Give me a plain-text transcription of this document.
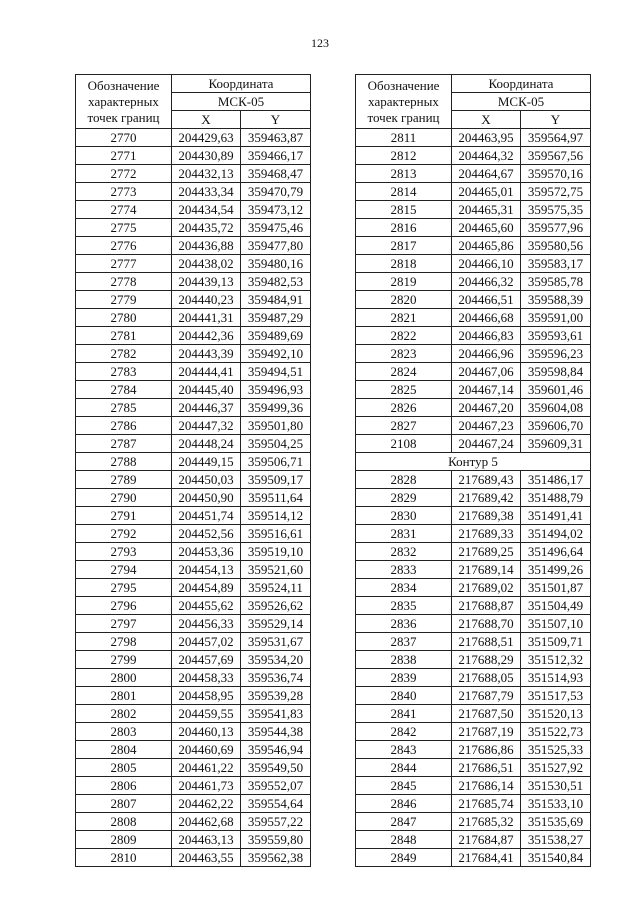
123
Обозначение
характерных
точек границ	Координата	
	МСК-05	
	X	Y
2770	204429,63	359463,87
2771	204430,89	359466,17
2772	204432,13	359468,47
2773	204433,34	359470,79
2774	204434,54	359473,12
2775	204435,72	359475,46
2776	204436,88	359477,80
2777	204438,02	359480,16
2778	204439,13	359482,53
2779	204440,23	359484,91
2780	204441,31	359487,29
2781	204442,36	359489,69
2782	204443,39	359492,10
2783	204444,41	359494,51
2784	204445,40	359496,93
2785	204446,37	359499,36
2786	204447,32	359501,80
2787	204448,24	359504,25
2788	204449,15	359506,71
2789	204450,03	359509,17
2790	204450,90	359511,64
2791	204451,74	359514,12
2792	204452,56	359516,61
2793	204453,36	359519,10
2794	204454,13	359521,60
2795	204454,89	359524,11
2796	204455,62	359526,62
2797	204456,33	359529,14
2798	204457,02	359531,67
2799	204457,69	359534,20
2800	204458,33	359536,74
2801	204458,95	359539,28
2802	204459,55	359541,83
2803	204460,13	359544,38
2804	204460,69	359546,94
2805	204461,22	359549,50
2806	204461,73	359552,07
2807	204462,22	359554,64
2808	204462,68	359557,22
2809	204463,13	359559,80
2810	204463,55	359562,38
Обозначение
характерных
точек границ	Координата	
	МСК-05	
	X	Y
2811	204463,95	359564,97
2812	204464,32	359567,56
2813	204464,67	359570,16
2814	204465,01	359572,75
2815	204465,31	359575,35
2816	204465,60	359577,96
2817	204465,86	359580,56
2818	204466,10	359583,17
2819	204466,32	359585,78
2820	204466,51	359588,39
2821	204466,68	359591,00
2822	204466,83	359593,61
2823	204466,96	359596,23
2824	204467,06	359598,84
2825	204467,14	359601,46
2826	204467,20	359604,08
2827	204467,23	359606,70
2108	204467,24	359609,31
Контур 5		
2828	217689,43	351486,17
2829	217689,42	351488,79
2830	217689,38	351491,41
2831	217689,33	351494,02
2832	217689,25	351496,64
2833	217689,14	351499,26
2834	217689,02	351501,87
2835	217688,87	351504,49
2836	217688,70	351507,10
2837	217688,51	351509,71
2838	217688,29	351512,32
2839	217688,05	351514,93
2840	217687,79	351517,53
2841	217687,50	351520,13
2842	217687,19	351522,73
2843	217686,86	351525,33
2844	217686,51	351527,92
2845	217686,14	351530,51
2846	217685,74	351533,10
2847	217685,32	351535,69
2848	217684,87	351538,27
2849	217684,41	351540,84
